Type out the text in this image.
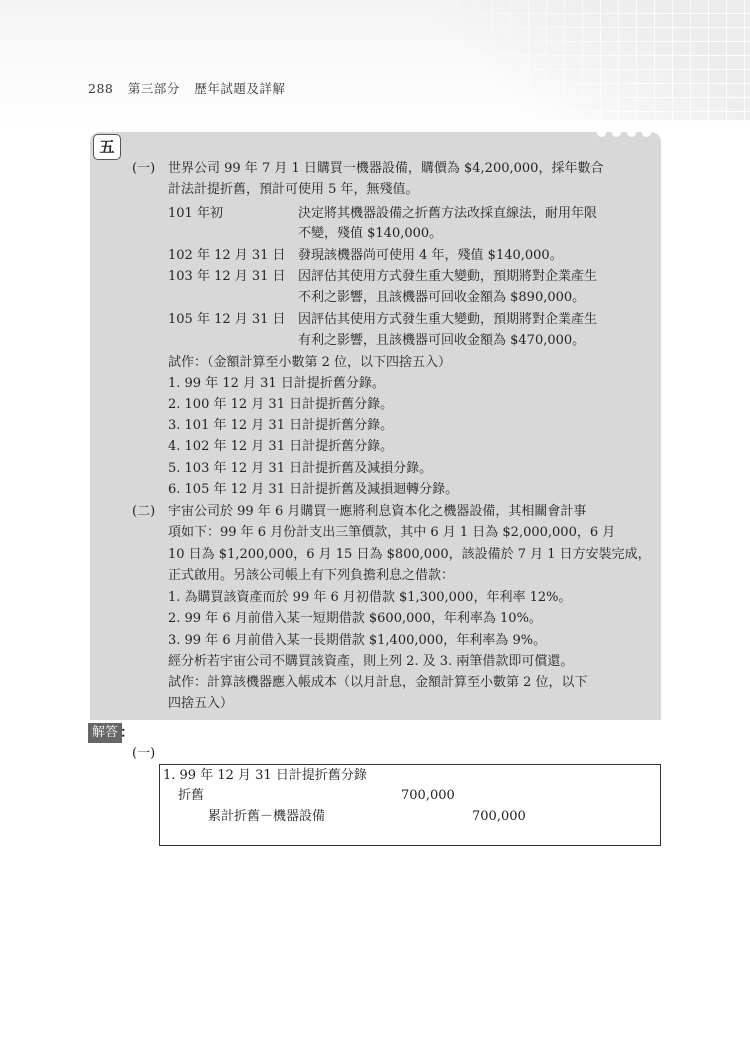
288 第三部分 歷年試題及詳解
五
(一) 世界公司 99 年 7 月 1 日購買一機器設備，購價為 $4,200,000，採年數合
計法計提折舊，預計可使用 5 年，無殘值。
101 年初	決定將其機器設備之折舊方法改採直線法，耐用年限
不變，殘值 $140,000。
102 年 12 月 31 日 發現該機器尚可使用 4 年，殘值 $140,000。
103 年 12 月 31 日 因評估其使用方式發生重大變動，預期將對企業產生
不利之影響，且該機器可回收金額為 $890,000。
105 年 12 月 31 日 因評估其使用方式發生重大變動，預期將對企業產生
有利之影響，且該機器可回收金額為 $470,000。
試作：（金額計算至小數第 2 位，以下四捨五入）
1. 99 年 12 月 31 日計提折舊分錄。
2. 100 年 12 月 31 日計提折舊分錄。
3. 101 年 12 月 31 日計提折舊分錄。
4. 102 年 12 月 31 日計提折舊分錄。
5. 103 年 12 月 31 日計提折舊及減損分錄。
6. 105 年 12 月 31 日計提折舊及減損迴轉分錄。
(二) 宇宙公司於 99 年 6 月購買一應將利息資本化之機器設備，其相關會計事
項如下：99 年 6 月份計支出三筆價款，其中 6 月 1 日為 $2,000,000，6 月
10 日為 $1,200,000，6 月 15 日為 $800,000，該設備於 7 月 1 日方安裝完成，
正式啟用。另該公司帳上有下列負擔利息之借款：
1. 為購買該資產而於 99 年 6 月初借款 $1,300,000，年利率 12%。
2. 99 年 6 月前借入某一短期借款 $600,000，年利率為 10%。
3. 99 年 6 月前借入某一長期借款 $1,400,000，年利率為 9%。
經分析若宇宙公司不購買該資產，則上列 2. 及 3. 兩筆借款即可償還。
試作：計算該機器應入帳成本（以月計息，金額計算至小數第 2 位，以下
四捨五入）
解答 ：
(一)
1. 99 年 12 月 31 日計提折舊分錄
折舊	700,000
累計折舊－機器設備	700,000
